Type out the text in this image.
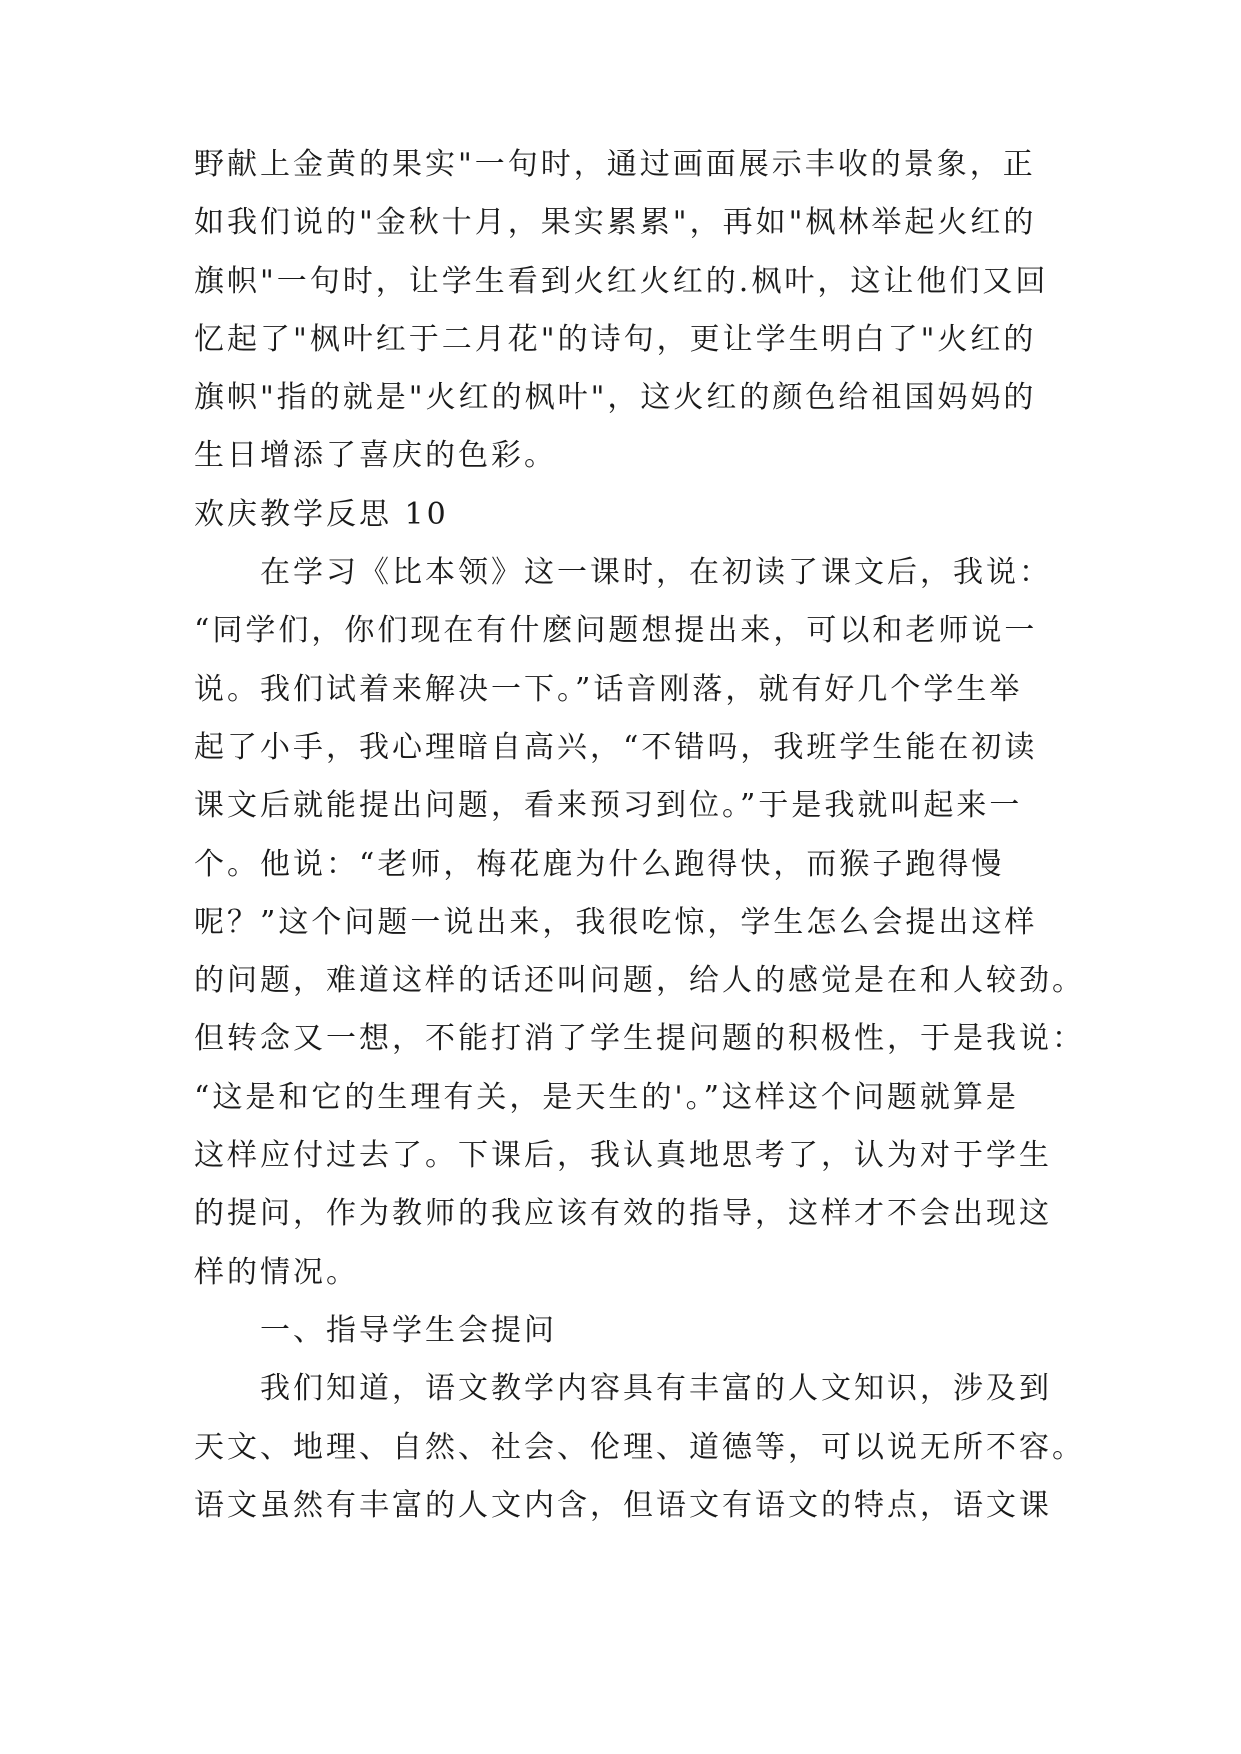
野献上金黄的果实"一句时，通过画面展示丰收的景象，正
如我们说的"金秋十月，果实累累"，再如"枫林举起火红的
旗帜"一句时，让学生看到火红火红的.枫叶，这让他们又回
忆起了"枫叶红于二月花"的诗句，更让学生明白了"火红的
旗帜"指的就是"火红的枫叶"，这火红的颜色给祖国妈妈的
生日增添了喜庆的色彩。
欢庆教学反思 10
在学习《比本领》这一课时，在初读了课文后，我说：
“同学们，你们现在有什麽问题想提出来，可以和老师说一
说。我们试着来解决一下。”话音刚落，就有好几个学生举
起了小手，我心理暗自高兴，“不错吗，我班学生能在初读
课文后就能提出问题，看来预习到位。”于是我就叫起来一
个。他说：“老师，梅花鹿为什么跑得快，而猴子跑得慢
呢？”这个问题一说出来，我很吃惊，学生怎么会提出这样
的问题，难道这样的话还叫问题，给人的感觉是在和人较劲。
但转念又一想，不能打消了学生提问题的积极性，于是我说：
“这是和它的生理有关，是天生的'。”这样这个问题就算是
这样应付过去了。下课后，我认真地思考了，认为对于学生
的提问，作为教师的我应该有效的指导，这样才不会出现这
样的情况。
一、指导学生会提问
我们知道，语文教学内容具有丰富的人文知识，涉及到
天文、地理、自然、社会、伦理、道德等，可以说无所不容。
语文虽然有丰富的人文内含，但语文有语文的特点，语文课
